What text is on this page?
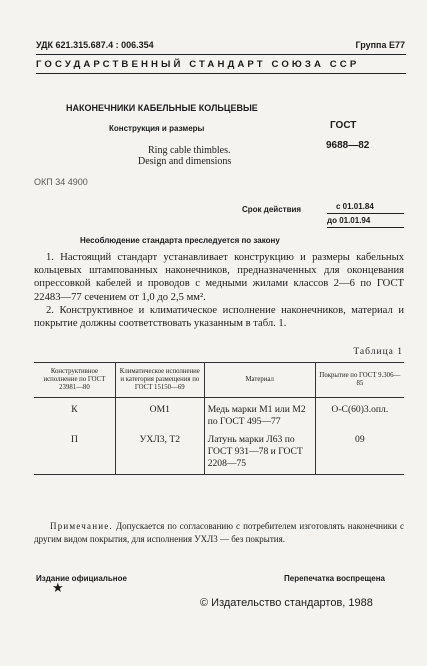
УДК 621.315.687.4 : 006.354	Группа Е77
ГОСУДАРСТВЕННЫЙ СТАНДАРТ СОЮЗА ССР
НАКОНЕЧНИКИ КАБЕЛЬНЫЕ КОЛЬЦЕВЫЕ
Конструкция и размеры	ГОСТ
9688—82
Ring cable thimbles.
Design and dimensions
ОКП 34 4900
Срок действия	с 01.01.84
до 01.01.94
Несоблюдение стандарта преследуется по закону
1. Настоящий стандарт устанавливает конструкцию и размеры кабельных кольцевых штампованных наконечников, предназначенных для оконцевания опрессовкой кабелей и проводов с медными жилами классов 2—6 по ГОСТ 22483—77 сечением от 1,0 до 2,5 мм².
2. Конструктивное и климатическое исполнение наконечников, материал и покрытие должны соответствовать указанным в табл. 1.
Таблица 1
Конструктивное исполнение по ГОСТ 23981—80	Климатическое исполнение и категория размещения по ГОСТ 15150—69	Материал	Покрытие по ГОСТ 9.306—85
К	ОМ1	Медь марки М1 или М2 по ГОСТ 495—77	О-С(60)3.опл.
П	УХЛ3, Т2	Латунь марки Л63 по ГОСТ 931—78 и ГОСТ 2208—75	09
Примечание. Допускается по согласованию с потребителем изготовлять наконечники с другим видом покрытия, для исполнения УХЛ3 — без покрытия.
Издание официальное
★
Перепечатка воспрещена
© Издательство стандартов, 1988
